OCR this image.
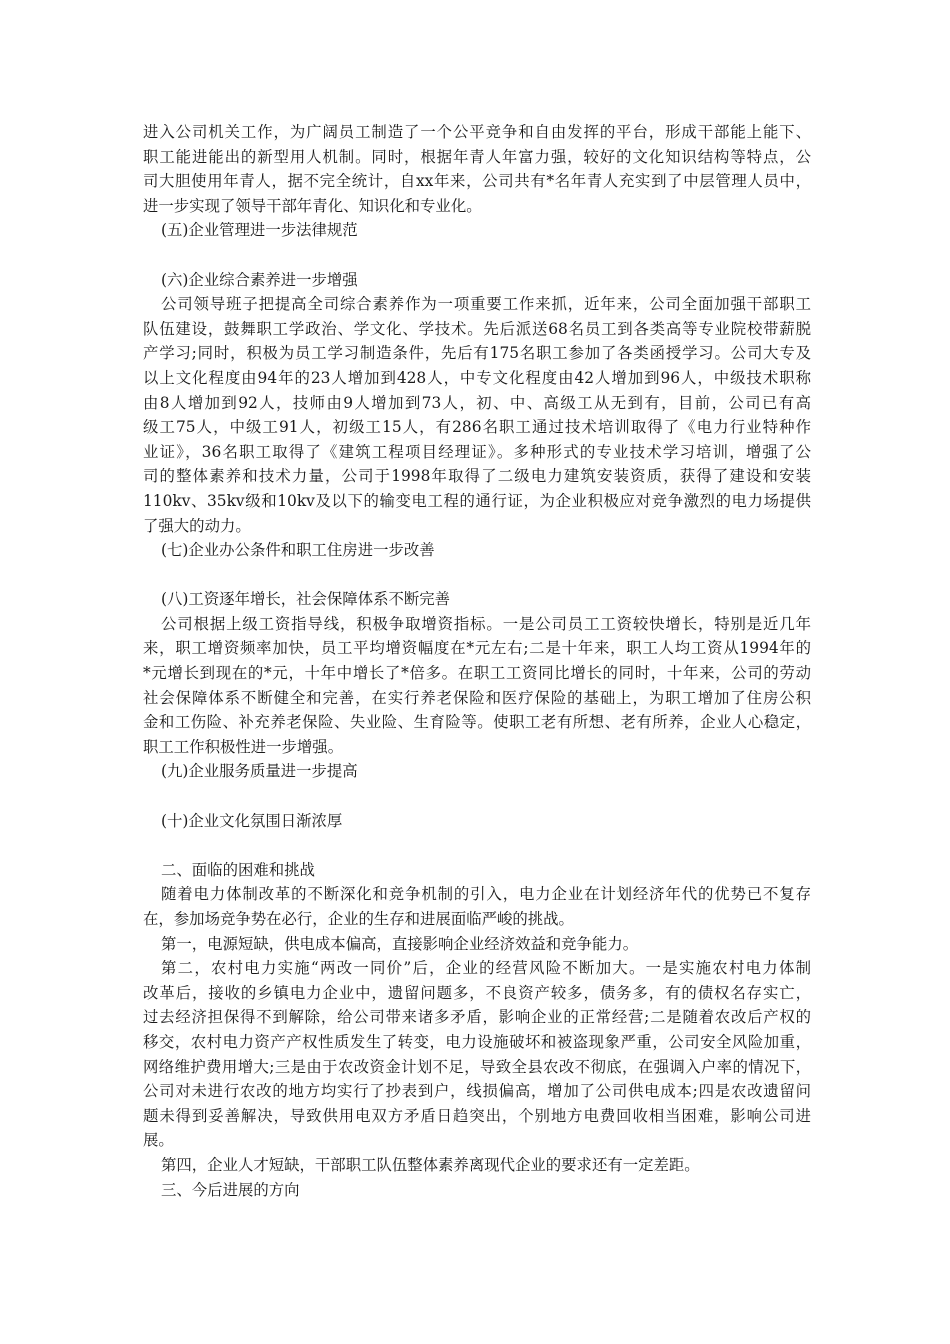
进入公司机关工作，为广阔员工制造了一个公平竞争和自由发挥的平台，形成干部能上能下、
职工能进能出的新型用人机制。同时，根据年青人年富力强，较好的文化知识结构等特点，公
司大胆使用年青人，据不完全统计，自xx年来，公司共有*名年青人充实到了中层管理人员中，
进一步实现了领导干部年青化、知识化和专业化。
(五)企业管理进一步法律规范
(六)企业综合素养进一步增强
公司领导班子把提高全司综合素养作为一项重要工作来抓，近年来，公司全面加强干部职工
队伍建设，鼓舞职工学政治、学文化、学技术。先后派送68名员工到各类高等专业院校带薪脱
产学习;同时，积极为员工学习制造条件，先后有175名职工参加了各类函授学习。公司大专及
以上文化程度由94年的23人增加到428人，中专文化程度由42人增加到96人，中级技术职称
由8人增加到92人，技师由9人增加到73人，初、中、高级工从无到有，目前，公司已有高
级工75人，中级工91人，初级工15人，有286名职工通过技术培训取得了《电力行业特种作
业证》，36名职工取得了《建筑工程项目经理证》。多种形式的专业技术学习培训，增强了公
司的整体素养和技术力量，公司于1998年取得了二级电力建筑安装资质，获得了建设和安装
110kv、35kv级和10kv及以下的输变电工程的通行证，为企业积极应对竞争激烈的电力场提供
了强大的动力。
(七)企业办公条件和职工住房进一步改善
(八)工资逐年增长，社会保障体系不断完善
公司根据上级工资指导线，积极争取增资指标。一是公司员工工资较快增长，特别是近几年
来，职工增资频率加快，员工平均增资幅度在*元左右;二是十年来，职工人均工资从1994年的
*元增长到现在的*元，十年中增长了*倍多。在职工工资同比增长的同时，十年来，公司的劳动
社会保障体系不断健全和完善，在实行养老保险和医疗保险的基础上，为职工增加了住房公积
金和工伤险、补充养老保险、失业险、生育险等。使职工老有所想、老有所养，企业人心稳定，
职工工作积极性进一步增强。
(九)企业服务质量进一步提高
(十)企业文化氛围日渐浓厚
二、面临的困难和挑战
随着电力体制改革的不断深化和竞争机制的引入，电力企业在计划经济年代的优势已不复存
在，参加场竞争势在必行，企业的生存和进展面临严峻的挑战。
第一，电源短缺，供电成本偏高，直接影响企业经济效益和竞争能力。
第二，农村电力实施“两改一同价”后，企业的经营风险不断加大。一是实施农村电力体制
改革后，接收的乡镇电力企业中，遗留问题多，不良资产较多，债务多，有的债权名存实亡，
过去经济担保得不到解除，给公司带来诸多矛盾，影响企业的正常经营;二是随着农改后产权的
移交，农村电力资产产权性质发生了转变，电力设施破坏和被盗现象严重，公司安全风险加重，
网络维护费用增大;三是由于农改资金计划不足，导致全县农改不彻底，在强调入户率的情况下，
公司对未进行农改的地方均实行了抄表到户，线损偏高，增加了公司供电成本;四是农改遗留问
题未得到妥善解决，导致供用电双方矛盾日趋突出，个别地方电费回收相当困难，影响公司进
展。
第四，企业人才短缺，干部职工队伍整体素养离现代企业的要求还有一定差距。
三、今后进展的方向
